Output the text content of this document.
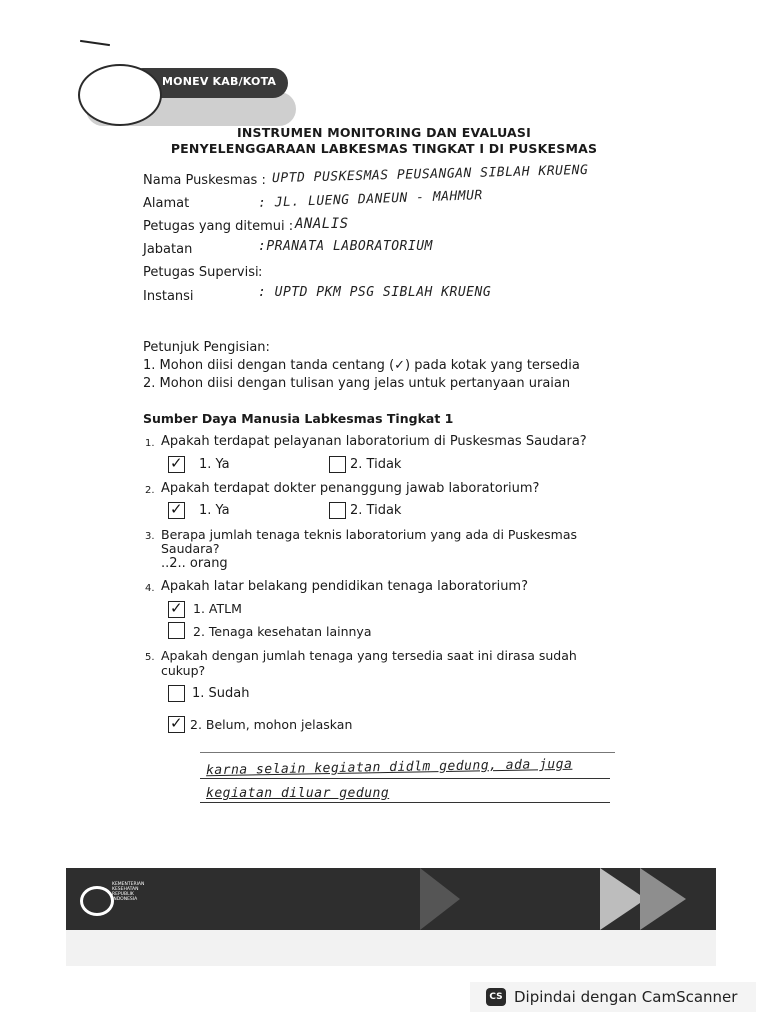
MONEV KAB/KOTA
INSTRUMEN MONITORING DAN EVALUASI
PENYELENGGARAAN LABKESMAS TINGKAT I DI PUSKESMAS
Nama Puskesmas : UPTD PUSKESMAS PEUSANGAN SIBLAH KRUENG
Alamat	: JL. LUENG DANEUN - MAHMUR
Petugas yang ditemui : ANALIS
Jabatan	:PRANATA LABORATORIUM
Petugas Supervisi :
Instansi	: UPTD PKM PSG SIBLAH KRUENG
Petunjuk Pengisian:
1. Mohon diisi dengan tanda centang (✓) pada kotak yang tersedia
2. Mohon diisi dengan tulisan yang jelas untuk pertanyaan uraian
Sumber Daya Manusia Labkesmas Tingkat 1
1. Apakah terdapat pelayanan laboratorium di Puskesmas Saudara?
✓ 1. Ya	2. Tidak
2. Apakah terdapat dokter penanggung jawab laboratorium?
✓ 1. Ya	2. Tidak
3. Berapa jumlah tenaga teknis laboratorium yang ada di Puskesmas
Saudara?
..2.. orang
4. Apakah latar belakang pendidikan tenaga laboratorium?
✓ 1. ATLM
2. Tenaga kesehatan lainnya
5. Apakah dengan jumlah tenaga yang tersedia saat ini dirasa sudah
cukup?
1. Sudah
✓ 2. Belum, mohon jelaskan
karna selain kegiatan didlm gedung, ada juga
kegiatan diluar gedung
KEMENTERIAN KESEHATAN REPUBLIK INDONESIA
CS Dipindai dengan CamScanner
